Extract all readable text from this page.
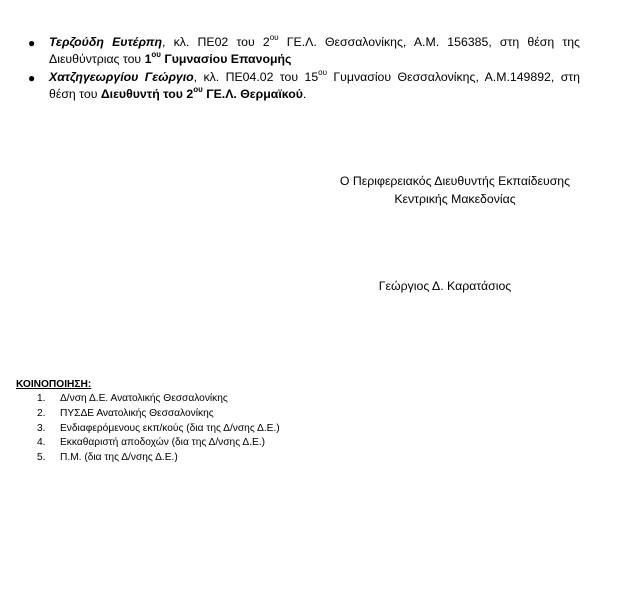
● Τερζούδη Ευτέρπη, κλ. ΠΕ02 του $2^{o\upsilon}$ ΓΕ.Λ. Θεσσαλονίκης, Α.Μ. 156385, στη θέση της Διευθύντριας του $1^{o\upsilon}$ Γυμνασίου Επανομής
● Χατζηγεωργίου Γεώργιο, κλ. ΠΕ04.02 του $15^{o\upsilon}$ Γυμνασίου Θεσσαλονίκης, Α.Μ.149892, στη θέση του Διευθυντή του $2^{o\upsilon}$ ΓΕ.Λ. Θερμαϊκού.
Ο Περιφερειακός Διευθυντής Εκπαίδευσης
Κεντρικής Μακεδονίας
Γεώργιος Δ. Καρατάσιος

ΚΟΙΝΟΠΟΙΗΣΗ:

1. Δ/νση Δ.Ε. Ανατολικής Θεσσαλονίκης
2. ΠΥΣΔΕ Ανατολικής Θεσσαλονίκης
3. Ενδιαφερόμενους εκπ/κούς (δια της Δ/νσης Δ.Ε.)
4. Εκκαθαριστή αποδοχών (δια της Δ/νσης Δ.Ε.)
5. Π.Μ. (δια της Δ/νσης Δ.Ε.)
